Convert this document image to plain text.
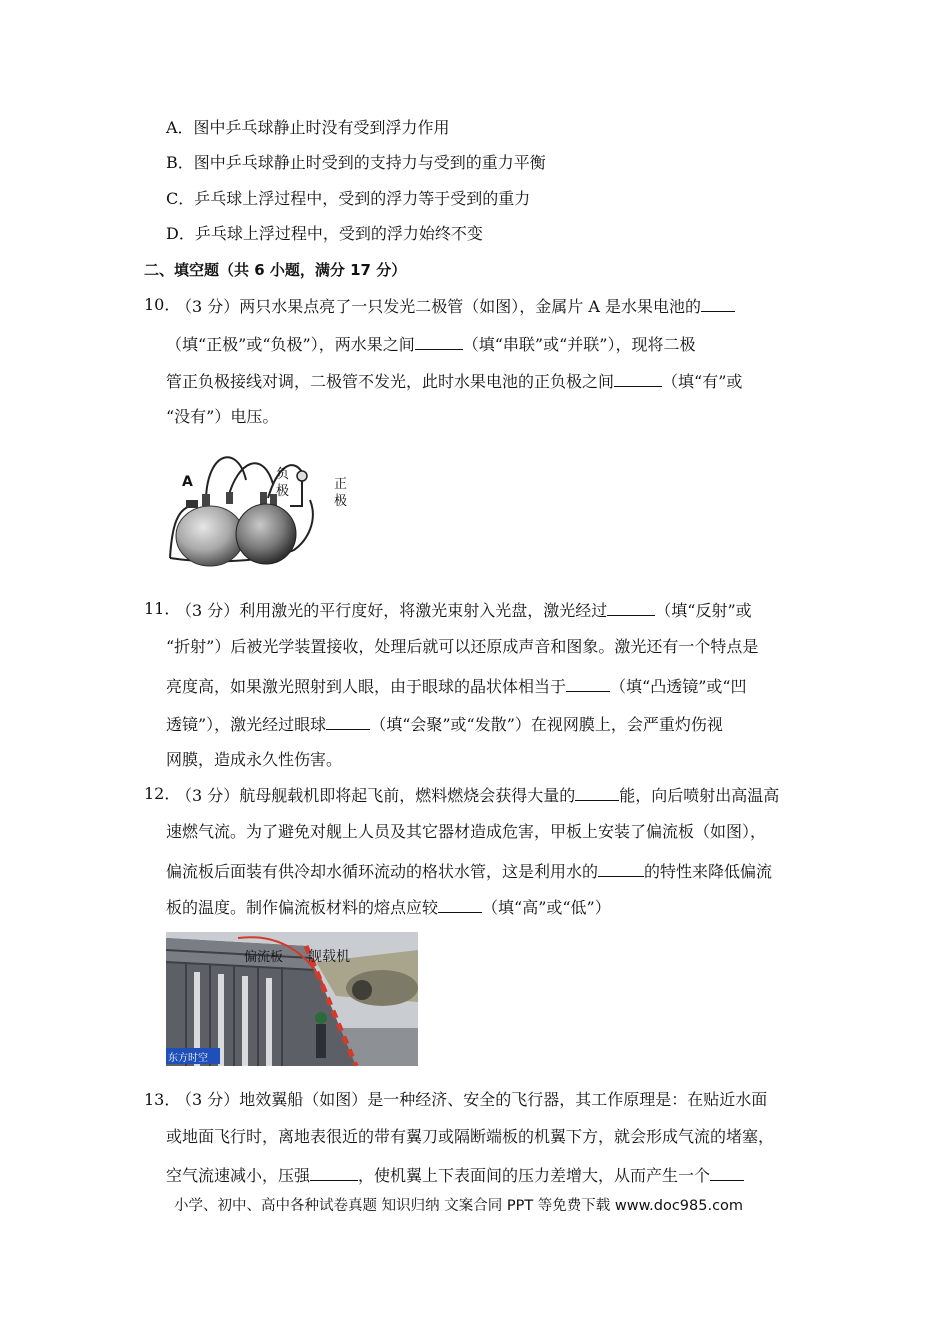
A．图中乒乓球静止时没有受到浮力作用
B．图中乒乓球静止时受到的支持力与受到的重力平衡
C．乒乓球上浮过程中，受到的浮力等于受到的重力
D．乒乓球上浮过程中，受到的浮力始终不变
二、填空题（共 6 小题，满分 17 分）
10．
（3 分）两只水果点亮了一只发光二极管（如图），金属片 A 是水果电池的
（填“正极”或“负极”），两水果之间	（填“串联”或“并联”），现将二极
管正负极接线对调，二极管不发光，此时水果电池的正负极之间	（填“有”或
“没有”）电压。
A	负
极	正
极
11．
（3 分）利用激光的平行度好，将激光束射入光盘，激光经过	（填“反射”或
“折射”）后被光学装置接收，处理后就可以还原成声音和图象。激光还有一个特点是
亮度高，如果激光照射到人眼，由于眼球的晶状体相当于	（填“凸透镜”或“凹
透镜”），激光经过眼球	（填“会聚”或“发散”）在视网膜上，会严重灼伤视
网膜，造成永久性伤害。
12．
（3 分）航母舰载机即将起飞前，燃料燃烧会获得大量的	能，向后喷射出高温高
速燃气流。为了避免对舰上人员及其它器材造成危害，甲板上安装了偏流板（如图），
偏流板后面装有供冷却水循环流动的格状水管，这是利用水的	的特性来降低偏流
板的温度。制作偏流板材料的熔点应较	（填“高”或“低”）
偏流板 舰载机
东方时空
13．
（3 分）地效翼船（如图）是一种经济、安全的飞行器，其工作原理是：在贴近水面
或地面飞行时，离地表很近的带有翼刀或隔断端板的机翼下方，就会形成气流的堵塞，
空气流速减小，压强	，使机翼上下表面间的压力差增大，从而产生一个
小学、初中、高中各种试卷真题 知识归纳 文案合同 PPT 等免费下载 www.doc985.com
